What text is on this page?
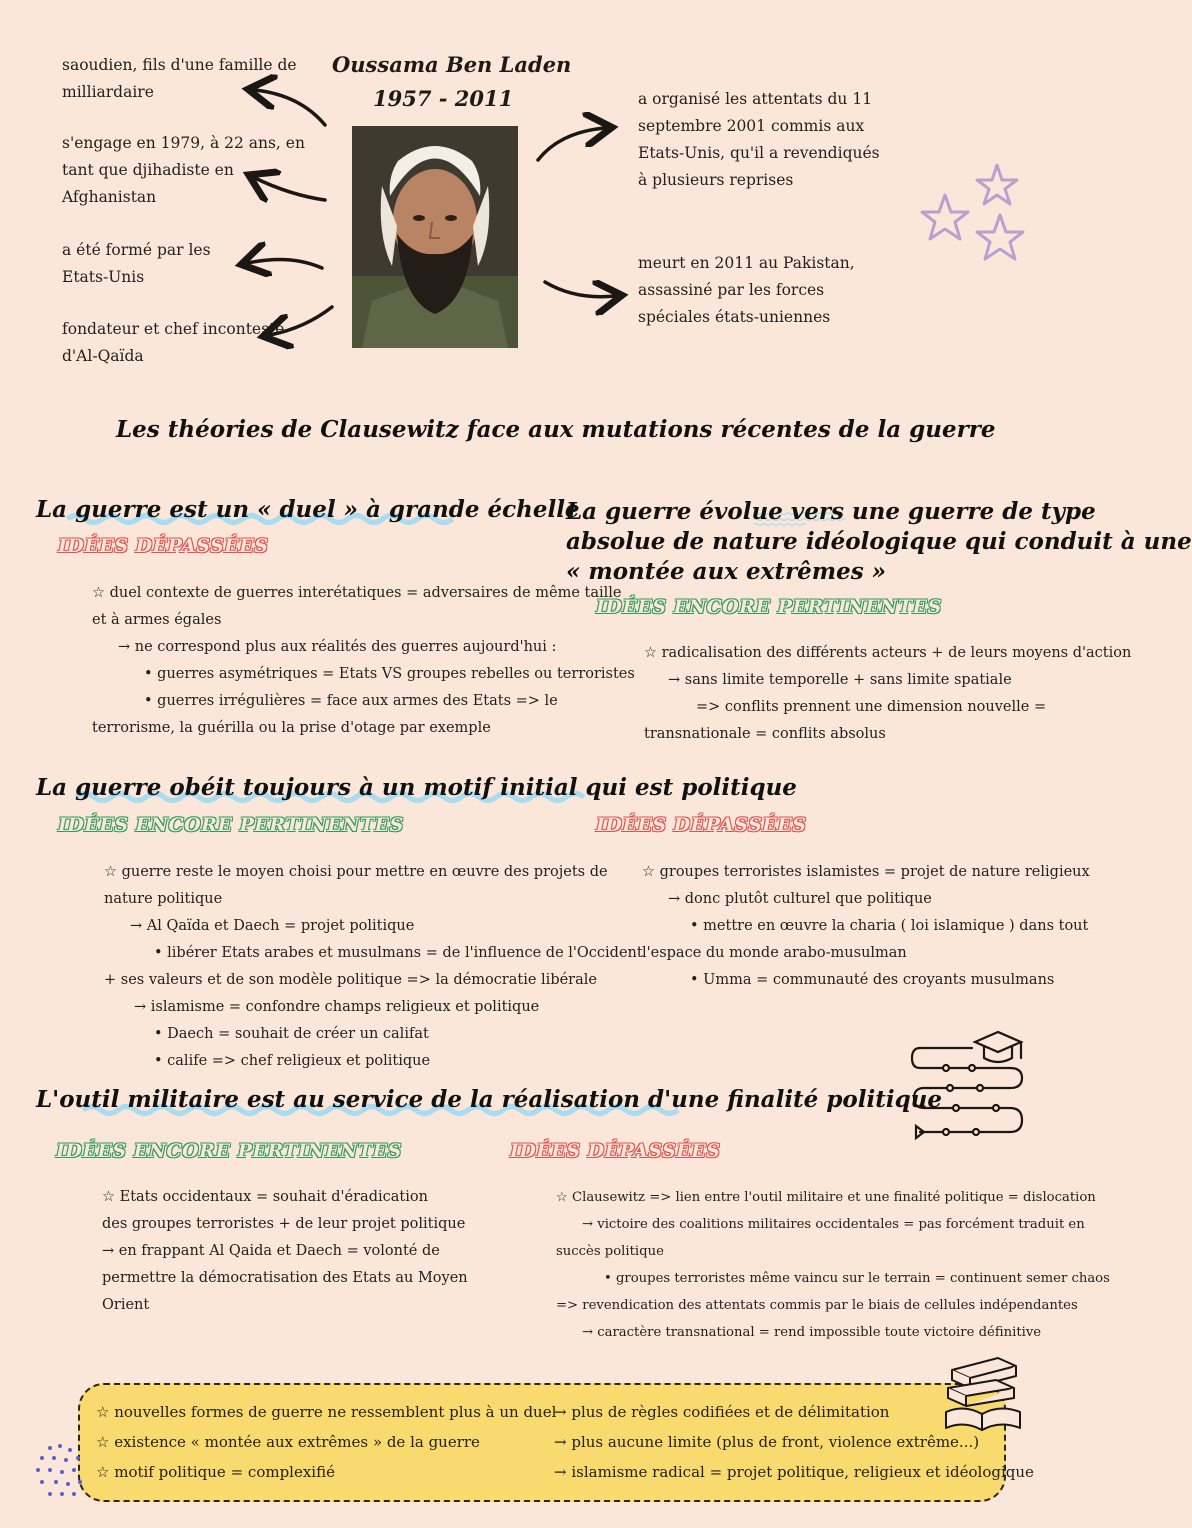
Oussama Ben Laden
1957 - 2011
saoudien, fils d'une famille de
milliardaire
s'engage en 1979, à 22 ans, en
tant que djihadiste en
Afghanistan
a été formé par les
Etats-Unis
fondateur et chef incontesté
d'Al-Qaïda
a organisé les attentats du 11
septembre 2001 commis aux
Etats-Unis, qu'il a revendiqués
à plusieurs reprises
meurt en 2011 au Pakistan,
assassiné par les forces
spéciales états-uniennes
Les théories de Clausewitz face aux mutations récentes de la guerre
La guerre est un « duel » à grande échelle
IDÉES DÉPASSÉES
☆ duel contexte de guerres interétatiques = adversaires de même taille
et à armes égales
→ ne correspond plus aux réalités des guerres aujourd'hui :
• guerres asymétriques = Etats VS groupes rebelles ou terroristes
• guerres irrégulières = face aux armes des Etats => le
terrorisme, la guérilla ou la prise d'otage par exemple
La guerre évolue vers une guerre de type
absolue de nature idéologique qui conduit à une
« montée aux extrêmes »
IDÉES ENCORE PERTINENTES
☆ radicalisation des différents acteurs + de leurs moyens d'action
→ sans limite temporelle + sans limite spatiale
=> conflits prennent une dimension nouvelle =
transnationale = conflits absolus
La guerre obéit toujours à un motif initial qui est politique
IDÉES ENCORE PERTINENTES	IDÉES DÉPASSÉES
☆ guerre reste le moyen choisi pour mettre en œuvre des projets de
nature politique
→ Al Qaïda et Daech = projet politique
• libérer Etats arabes et musulmans = de l'influence de l'Occident
+ ses valeurs et de son modèle politique => la démocratie libérale
→ islamisme = confondre champs religieux et politique
• Daech = souhait de créer un califat
• calife => chef religieux et politique
☆ groupes terroristes islamistes = projet de nature religieux
→ donc plutôt culturel que politique
• mettre en œuvre la charia ( loi islamique ) dans tout
l'espace du monde arabo-musulman
• Umma = communauté des croyants musulmans
L'outil militaire est au service de la réalisation d'une finalité politique
IDÉES ENCORE PERTINENTES	IDÉES DÉPASSÉES
☆ Etats occidentaux = souhait d'éradication
des groupes terroristes + de leur projet politique
→ en frappant Al Qaida et Daech = volonté de
permettre la démocratisation des Etats au Moyen
Orient
☆ Clausewitz => lien entre l'outil militaire et une finalité politique = dislocation
→ victoire des coalitions militaires occidentales = pas forcément traduit en
succès politique
• groupes terroristes même vaincu sur le terrain = continuent semer chaos
=> revendication des attentats commis par le biais de cellules indépendantes
→ caractère transnational = rend impossible toute victoire définitive
☆ nouvelles formes de guerre ne ressemblent plus à un duel
☆ existence « montée aux extrêmes » de la guerre
☆ motif politique = complexifié
→ plus de règles codifiées et de délimitation
→ plus aucune limite (plus de front, violence extrême...)
→ islamisme radical = projet politique, religieux et idéologique
